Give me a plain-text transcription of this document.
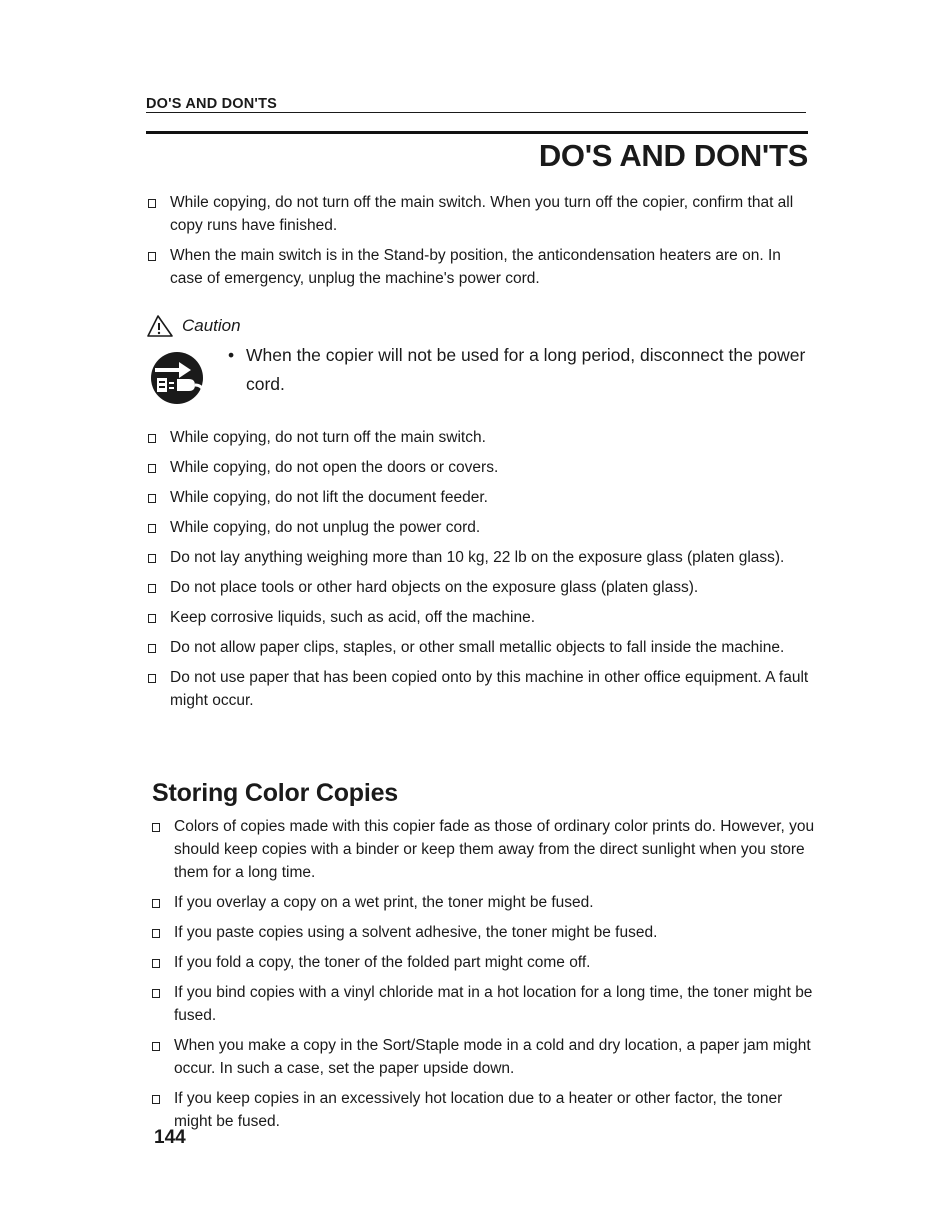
DO'S AND DON'TS
DO'S AND DON'TS
While copying, do not turn off the main switch. When you turn off the copier, confirm that all copy runs have finished.
When the main switch is in the Stand-by position, the anticondensation heaters are on. In case of emergency, unplug the machine's power cord.
Caution
• When the copier will not be used for a long period, disconnect the power cord.
While copying, do not turn off the main switch.
While copying, do not open the doors or covers.
While copying, do not lift the document feeder.
While copying, do not unplug the power cord.
Do not lay anything weighing more than 10 kg, 22 lb on the exposure glass (platen glass).
Do not place tools or other hard objects on the exposure glass (platen glass).
Keep corrosive liquids, such as acid, off the machine.
Do not allow paper clips, staples, or other small metallic objects to fall inside the machine.
Do not use paper that has been copied onto by this machine in other office equipment. A fault might occur.
Storing Color Copies
Colors of copies made with this copier fade as those of ordinary color prints do. However, you should keep copies with a binder or keep them away from the direct sunlight when you store them for a long time.
If you overlay a copy on a wet print, the toner might be fused.
If you paste copies using a solvent adhesive, the toner might be fused.
If you fold a copy, the toner of the folded part might come off.
If you bind copies with a vinyl chloride mat in a hot location for a long time, the toner might be fused.
When you make a copy in the Sort/Staple mode in a cold and dry location, a paper jam might occur. In such a case, set the paper upside down.
If you keep copies in an excessively hot location due to a heater or other factor, the toner might be fused.
144
